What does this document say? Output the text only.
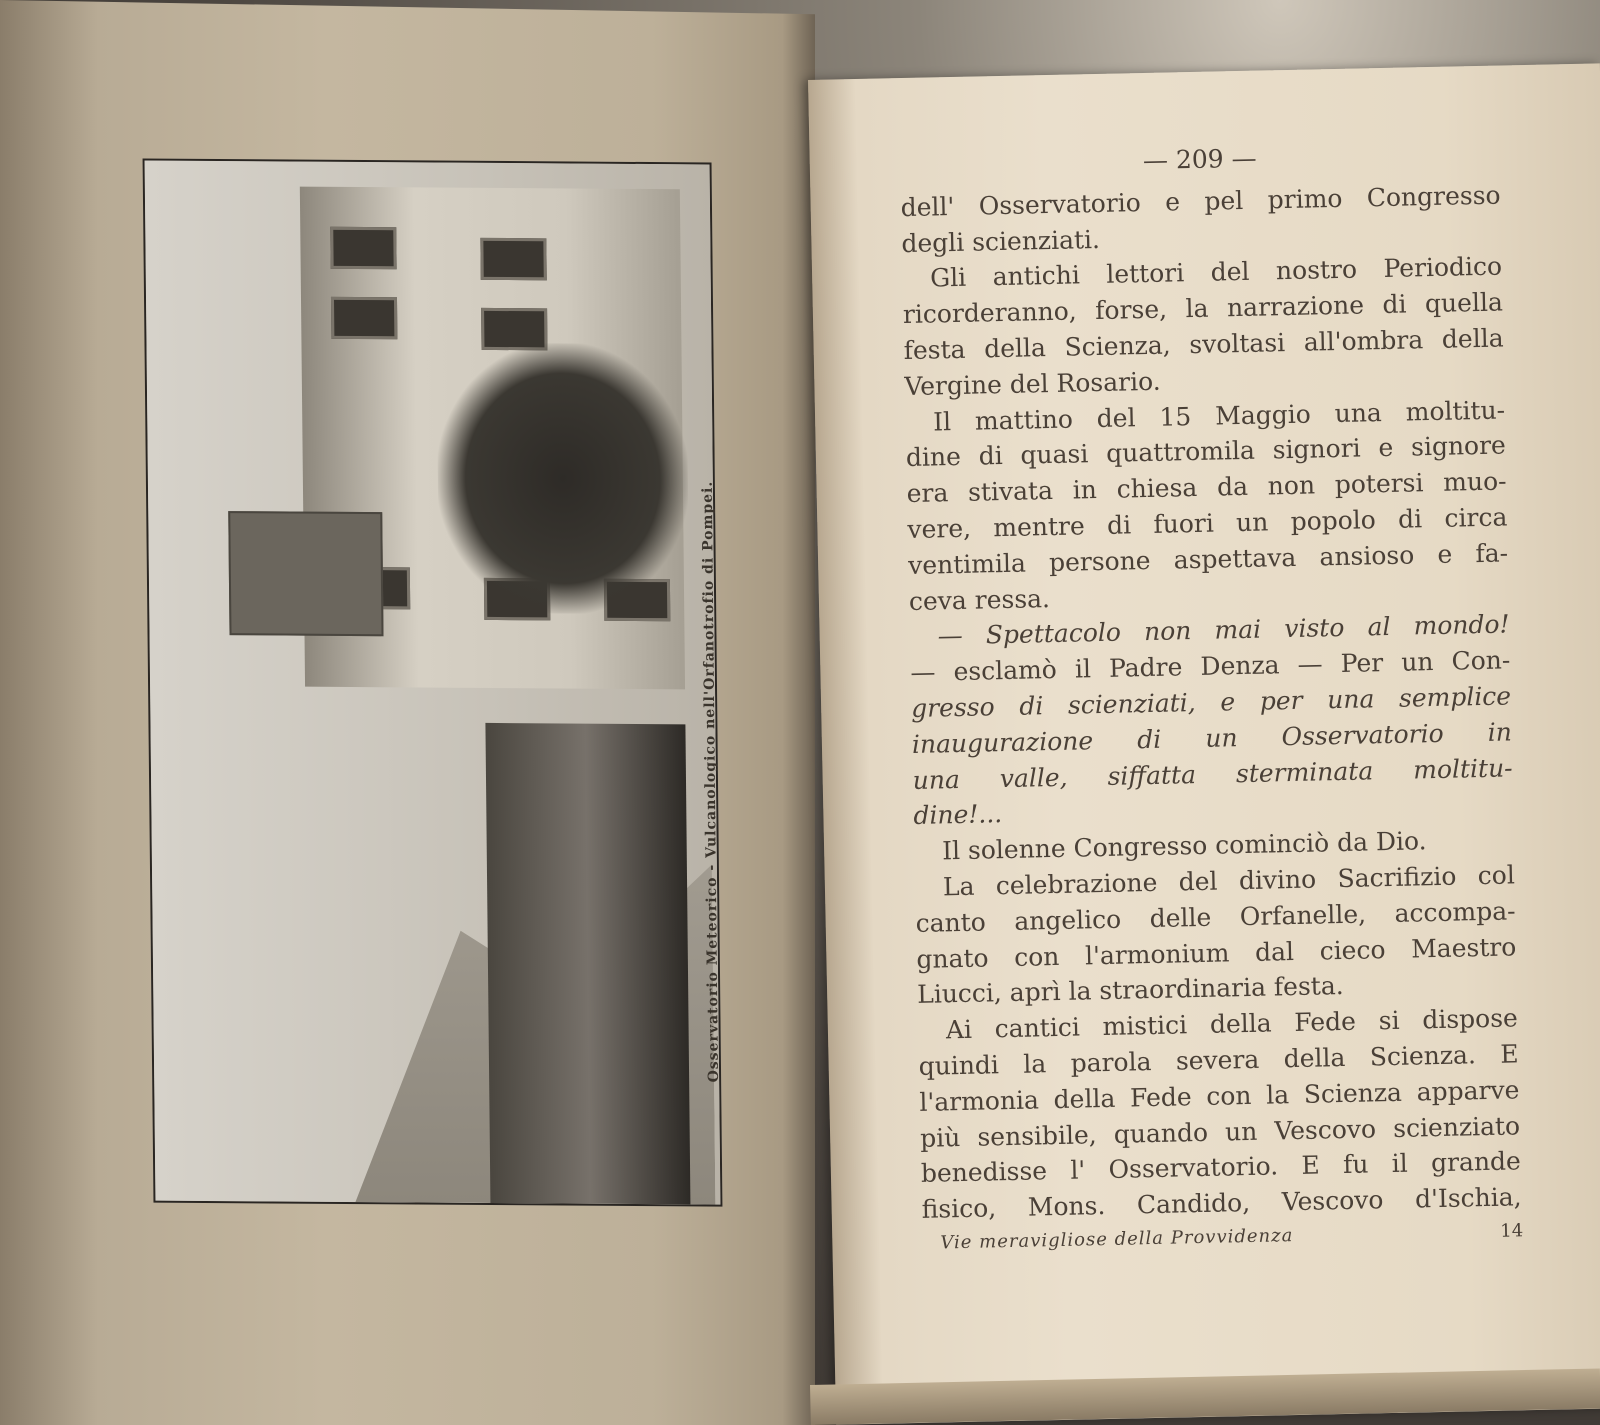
Osservatorio Meteorico - Vulcanologico nell'Orfanotrofio di Pompei.
— 209 —
dell' Osservatorio e pel primo Congresso
degli scienziati.
Gli antichi lettori del nostro Periodico
ricorderanno, forse, la narrazione di quella
festa della Scienza, svoltasi all'ombra della
Vergine del Rosario.
Il mattino del 15 Maggio una moltitu-
dine di quasi quattromila signori e signore
era stivata in chiesa da non potersi muo-
vere, mentre di fuori un popolo di circa
ventimila persone aspettava ansioso e fa-
ceva ressa.
— Spettacolo non mai visto al mondo!
— esclamò il Padre Denza — Per un Con-
gresso di scienziati, e per una semplice
inaugurazione di un Osservatorio in
una valle, siffatta sterminata moltitu-
dine!...
Il solenne Congresso cominciò da Dio.
La celebrazione del divino Sacrifizio col
canto angelico delle Orfanelle, accompa-
gnato con l'armonium dal cieco Maestro
Liucci, aprì la straordinaria festa.
Ai cantici mistici della Fede si dispose
quindi la parola severa della Scienza. E
l'armonia della Fede con la Scienza apparve
più sensibile, quando un Vescovo scienziato
benedisse l' Osservatorio. E fu il grande
fisico, Mons. Candido, Vescovo d'Ischia,
Vie meravigliose della Provvidenza	14
